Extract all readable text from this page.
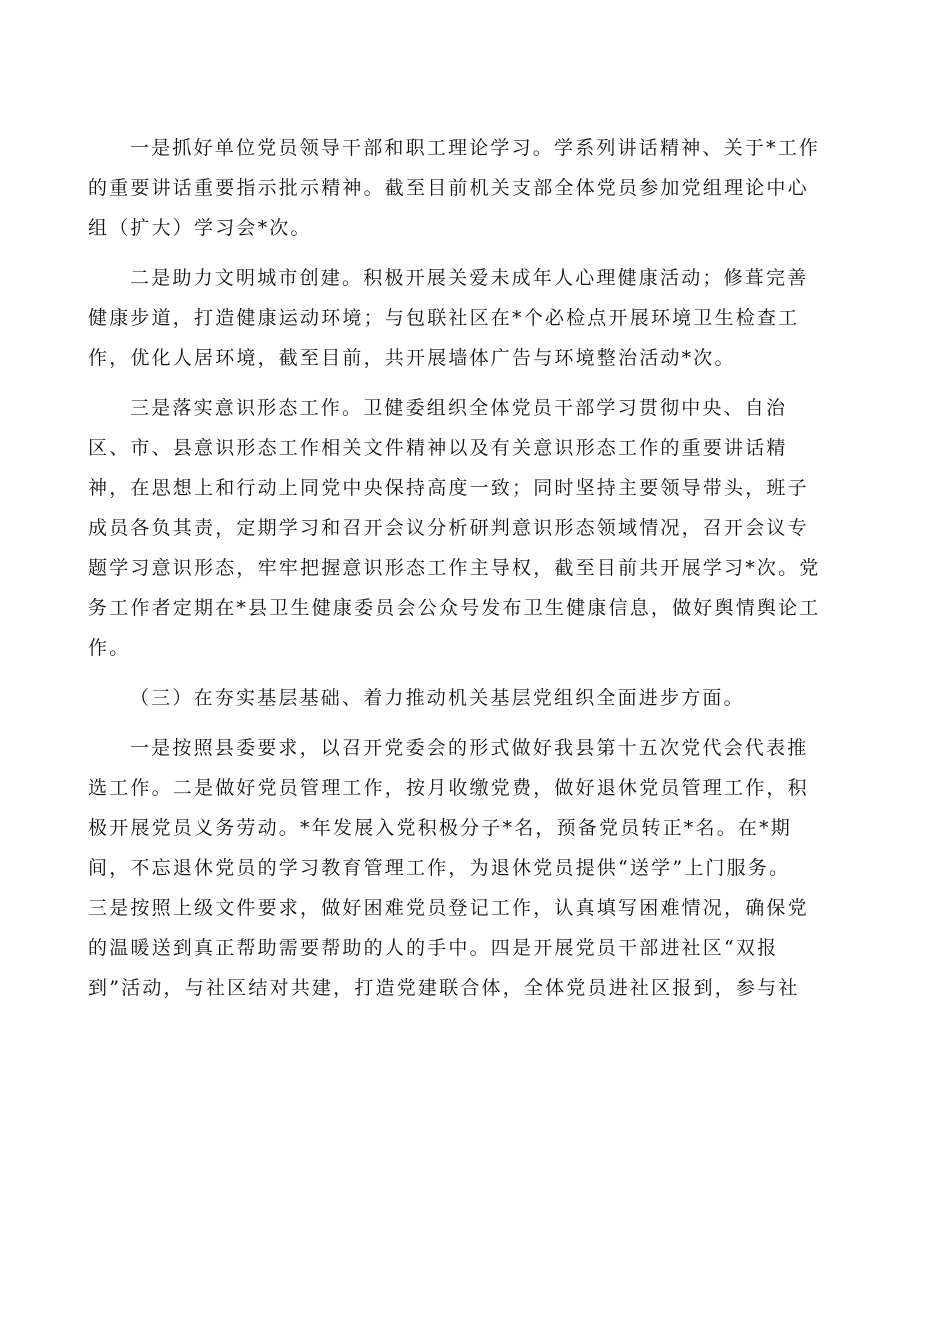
一是抓好单位党员领导干部和职工理论学习。学系列讲话精神、关于*工作
的重要讲话重要指示批示精神。截至目前机关支部全体党员参加党组理论中心
组（扩大）学习会*次。
二是助力文明城市创建。积极开展关爱未成年人心理健康活动；修葺完善
健康步道，打造健康运动环境；与包联社区在*个必检点开展环境卫生检查工
作，优化人居环境，截至目前，共开展墙体广告与环境整治活动*次。
三是落实意识形态工作。卫健委组织全体党员干部学习贯彻中央、自治
区、市、县意识形态工作相关文件精神以及有关意识形态工作的重要讲话精
神，在思想上和行动上同党中央保持高度一致；同时坚持主要领导带头，班子
成员各负其责，定期学习和召开会议分析研判意识形态领域情况，召开会议专
题学习意识形态，牢牢把握意识形态工作主导权，截至目前共开展学习*次。党
务工作者定期在*县卫生健康委员会公众号发布卫生健康信息，做好舆情舆论工
作。
（三）在夯实基层基础、着力推动机关基层党组织全面进步方面。
一是按照县委要求，以召开党委会的形式做好我县第十五次党代会代表推
选工作。二是做好党员管理工作，按月收缴党费，做好退休党员管理工作，积
极开展党员义务劳动。*年发展入党积极分子*名，预备党员转正*名。在*期
间，不忘退休党员的学习教育管理工作，为退休党员提供“送学”上门服务。
三是按照上级文件要求，做好困难党员登记工作，认真填写困难情况，确保党
的温暖送到真正帮助需要帮助的人的手中。四是开展党员干部进社区“双报
到”活动，与社区结对共建，打造党建联合体，全体党员进社区报到，参与社
